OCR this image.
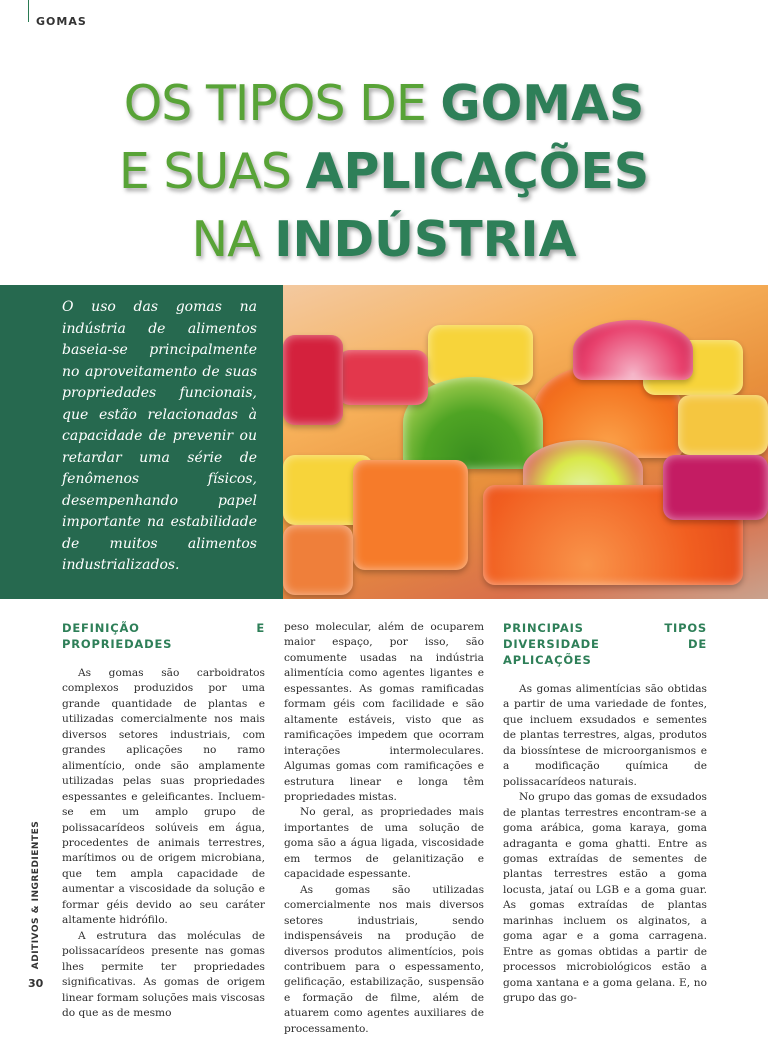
GOMAS
OS TIPOS DE GOMAS
E SUAS APLICAÇÕES
NA INDÚSTRIA
O uso das gomas na indústria de alimentos baseia-se principalmente no aproveitamento de suas propriedades funcionais, que estão relacionadas à capacidade de prevenir ou retardar uma série de fenômenos físicos, desempenhando papel importante na estabilidade de muitos alimentos industrializados.
DEFINIÇÃO E PROPRIEDADES

As gomas são carboidratos complexos produzidos por uma grande quantidade de plantas e utilizadas comercialmente nos mais diversos setores industriais, com grandes aplicações no ramo alimentício, onde são amplamente utilizadas pelas suas propriedades espessantes e geleificantes. Incluem-se em um amplo grupo de polissacarídeos solúveis em água, procedentes de animais terrestres, marítimos ou de origem microbiana, que tem ampla capacidade de aumentar a viscosidade da solução e formar géis devido ao seu caráter altamente hidrófilo.

A estrutura das moléculas de polissacarídeos presente nas gomas lhes permite ter propriedades significativas. As gomas de origem linear formam soluções mais viscosas do que as de mesmo

peso molecular, além de ocuparem maior espaço, por isso, são comumente usadas na indústria alimentícia como agentes ligantes e espessantes. As gomas ramificadas formam géis com facilidade e são altamente estáveis, visto que as ramificações impedem que ocorram interações intermoleculares. Algumas gomas com ramificações e estrutura linear e longa têm propriedades mistas.

No geral, as propriedades mais importantes de uma solução de goma são a água ligada, viscosidade em termos de gelanitização e capacidade espessante.

As gomas são utilizadas comercialmente nos mais diversos setores industriais, sendo indispensáveis na produção de diversos produtos alimentícios, pois contribuem para o espessamento, gelificação, estabilização, suspensão e formação de filme, além de atuarem como agentes auxiliares de processamento.

PRINCIPAIS TIPOS DIVERSIDADE DE APLICAÇÕES

As gomas alimentícias são obtidas a partir de uma variedade de fontes, que incluem exsudados e sementes de plantas terrestres, algas, produtos da biossíntese de microorganismos e a modificação química de polissacarídeos naturais.

No grupo das gomas de exsudados de plantas terrestres encontram-se a goma arábica, goma karaya, goma adraganta e goma ghatti. Entre as gomas extraídas de sementes de plantas terrestres estão a goma locusta, jataí ou LGB e a goma guar. As gomas extraídas de plantas marinhas incluem os alginatos, a goma agar e a goma carragena. Entre as gomas obtidas a partir de processos microbiológicos estão a goma xantana e a goma gelana. E, no grupo das go-

ADITIVOS & INGREDIENTES
30
